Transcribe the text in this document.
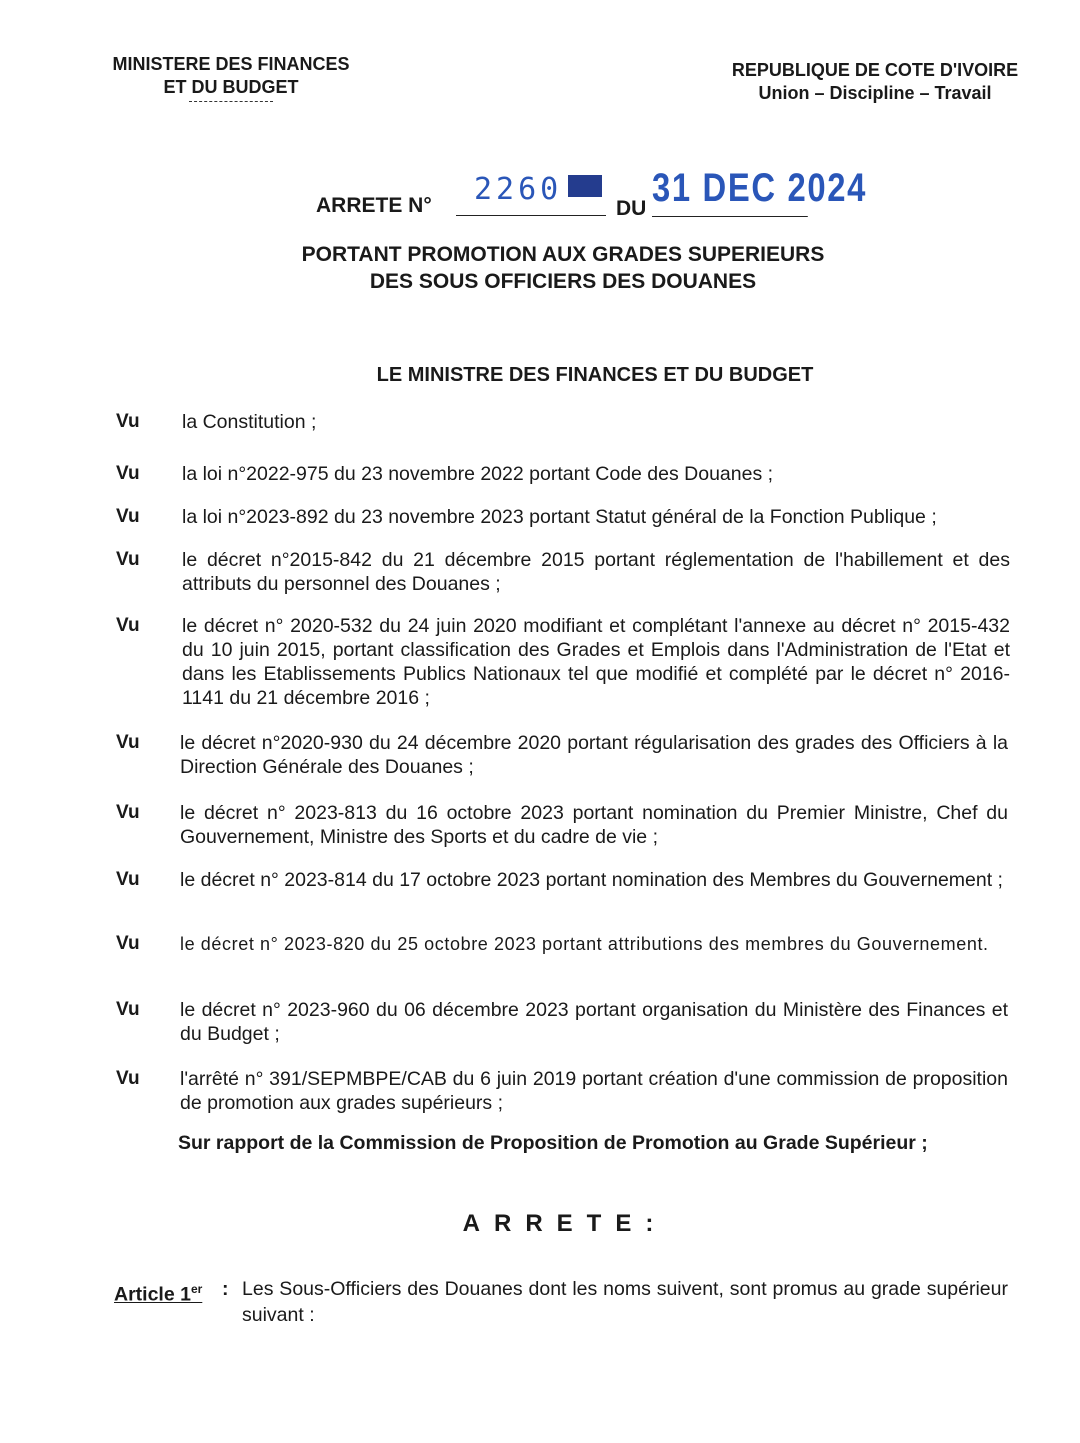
MINISTERE DES FINANCES
ET DU BUDGET
REPUBLIQUE DE COTE D'IVOIRE
Union – Discipline – Travail
ARRETE N°	2260
DU 31 DEC 2024
PORTANT PROMOTION AUX GRADES SUPERIEURS
DES SOUS OFFICIERS DES DOUANES
LE MINISTRE DES FINANCES ET DU BUDGET
Vu la Constitution ;
Vu la loi n°2022-975 du 23 novembre 2022 portant Code des Douanes ;
Vu la loi n°2023-892 du 23 novembre 2023 portant Statut général de la Fonction Publique ;
Vu le décret n°2015-842 du 21 décembre 2015 portant réglementation de l'habillement et des attributs du personnel des Douanes ;
Vu le décret n° 2020-532 du 24 juin 2020 modifiant et complétant l'annexe au décret n° 2015-432 du 10 juin 2015, portant classification des Grades et Emplois dans l'Administration de l'Etat et dans les Etablissements Publics Nationaux tel que modifié et complété par le décret n° 2016-1141 du 21 décembre 2016 ;
Vu le décret n°2020-930 du 24 décembre 2020 portant régularisation des grades des Officiers à la Direction Générale des Douanes ;
Vu le décret n° 2023-813 du 16 octobre 2023 portant nomination du Premier Ministre, Chef du Gouvernement, Ministre des Sports et du cadre de vie ;
Vu le décret n° 2023-814 du 17 octobre 2023 portant nomination des Membres du Gouvernement ;
Vu le décret n° 2023-820 du 25 octobre 2023 portant attributions des membres du Gouvernement.
Vu le décret n° 2023-960 du 06 décembre 2023 portant organisation du Ministère des Finances et du Budget ;
Vu l'arrêté n° 391/SEPMBPE/CAB du 6 juin 2019 portant création d'une commission de proposition de promotion aux grades supérieurs ;
Sur rapport de la Commission de Proposition de Promotion au Grade Supérieur ;
ARRETE:
Article 1er : Les Sous-Officiers des Douanes dont les noms suivent, sont promus au grade supérieur suivant :
